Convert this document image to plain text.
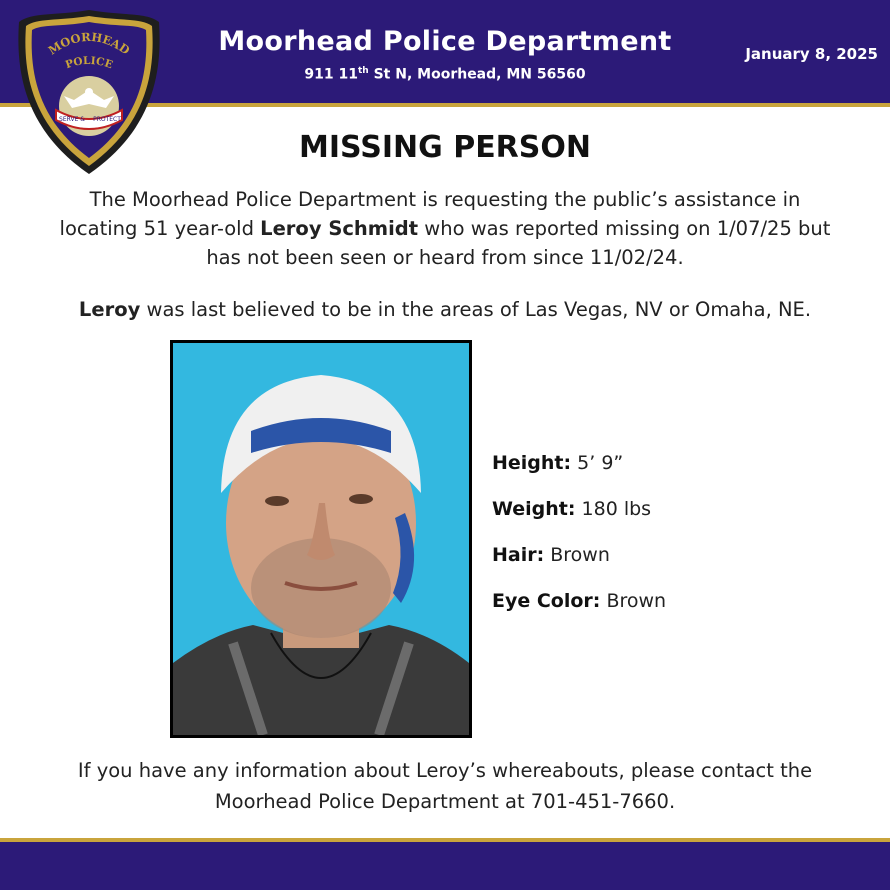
Moorhead Police Department
911 11th St N, Moorhead, MN 56560
January 8, 2025
MOORHEAD
POLICE
SERVE & PROTECT
MISSING PERSON
The Moorhead Police Department is requesting the public’s assistance in locating 51 year-old Leroy Schmidt who was reported missing on 1/07/25 but has not been seen or heard from since 11/02/24.
Leroy was last believed to be in the areas of Las Vegas, NV or Omaha, NE.
Height: 5’ 9”
Weight: 180 lbs
Hair: Brown
Eye Color: Brown
If you have any information about Leroy’s whereabouts, please contact the
Moorhead Police Department at 701-451-7660.
